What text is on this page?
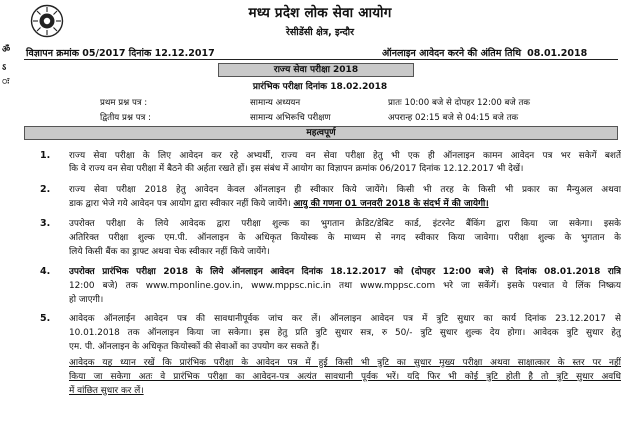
मध्य प्रदेश लोक सेवा आयोग
रेसीडेंसी क्षेत्र, इन्दौर
ॐ
ऽ
ः
विज्ञापन क्रमांक 05/2017 दिनांक 12.12.2017	ऑनलाइन आवेदन करने की अंतिम तिथि 08.01.2018
राज्य सेवा परीक्षा 2018
प्रारंभिक परीक्षा दिनांक 18.02.2018
प्रथम प्रश्न पत्र :	सामान्य अध्ययन	प्रातः 10:00 बजे से दोपहर 12:00 बजे तक
द्वितीय प्रश्न पत्र :	सामान्य अभिरूचि परीक्षण	अपरान्ह 02:15 बजे से 04:15 बजे तक
महत्वपूर्ण
1. राज्य सेवा परीक्षा के लिए आवेदन कर रहे अभ्यर्थी, राज्य वन सेवा परीक्षा हेतु भी एक ही ऑनलाइन कामन आवेदन पत्र भर सकेगें बशर्ते
कि वे राज्य वन सेवा परीक्षा में बैठने की अर्हता रखते हों। इस संबंध में आयोग का विज्ञापन क्रमांक 06/2017 दिनांक 12.12.2017 भी देखें।
2. राज्य सेवा परीक्षा 2018 हेतु आवेदन केवल ऑनलाइन ही स्वीकार किये जायेंगे। किसी भी तरह के किसी भी प्रकार का मैन्युअल अथवा
डाक द्वारा भेजे गये आवेदन पत्र आयोग द्वारा स्वीकार नहीं किये जायेंगे। आयु की गणना 01 जनवरी 2018 के संदर्भ में की जायेगी।
3. उपरोक्त परीक्षा के लिये आवेदक द्वारा परीक्षा शुल्क का भुगतान क्रेडिट/डेबिट कार्ड, इंटरनेट बैंकिंग द्वारा किया जा सकेगा। इसके
अतिरिक्त परीक्षा शुल्क एम.पी. ऑनलाइन के अधिकृत कियोस्क के माध्यम से नगद स्वीकार किया जावेगा। परीक्षा शुल्क के भुगतान के
लिये किसी बैंक का ड्राफ्ट अथवा चेक स्वीकार नहीं किये जायेंगे।
4. उपरोक्त प्रारंभिक परीक्षा 2018 के लिये ऑनलाइन आवेदन दिनांक 18.12.2017 को (दोपहर 12:00 बजे) से दिनांक 08.01.2018 रात्रि
12:00 बजे) तक www.mponline.gov.in, www.mppsc.nic.in तथा www.mppsc.com भरे जा सकेंगें। इसके पश्चात ये लिंक निष्क्रय
हो जाएगी।
5. आवेदक ऑनलाईन आवेदन पत्र की सावधानीपूर्वक जांच कर लें। ऑनलाइन आवेदन पत्र में त्रुटि सुधार का कार्य दिनांक 23.12.2017 से
10.01.2018 तक ऑनलाइन किया जा सकेगा। इस हेतु प्रति त्रुटि सुधार सत्र, रु 50/- त्रुटि सुधार शुल्क देय होगा। आवेदक त्रुटि सुधार हेतु
एम. पी. ऑनलाइन के अधिकृत कियोस्कों की सेवाओं का उपयोग कर सकते हैं।
आवेदक यह ध्यान रखें कि प्रारंभिक परीक्षा के आवेदन पत्र में हुई किसी भी त्रुटि का सुधार मुख्य परीक्षा अथवा साक्षात्कार के स्तर पर नहीं
किया जा सकेगा अतः वे प्रारंभिक परीक्षा का आवेदन-पत्र अत्यंत सावधानी पूर्वक भरें। यदि फिर भी कोई त्रुटि होती है तो त्रुटि सुधार अवधि
में वांछित सुधार कर लें।
